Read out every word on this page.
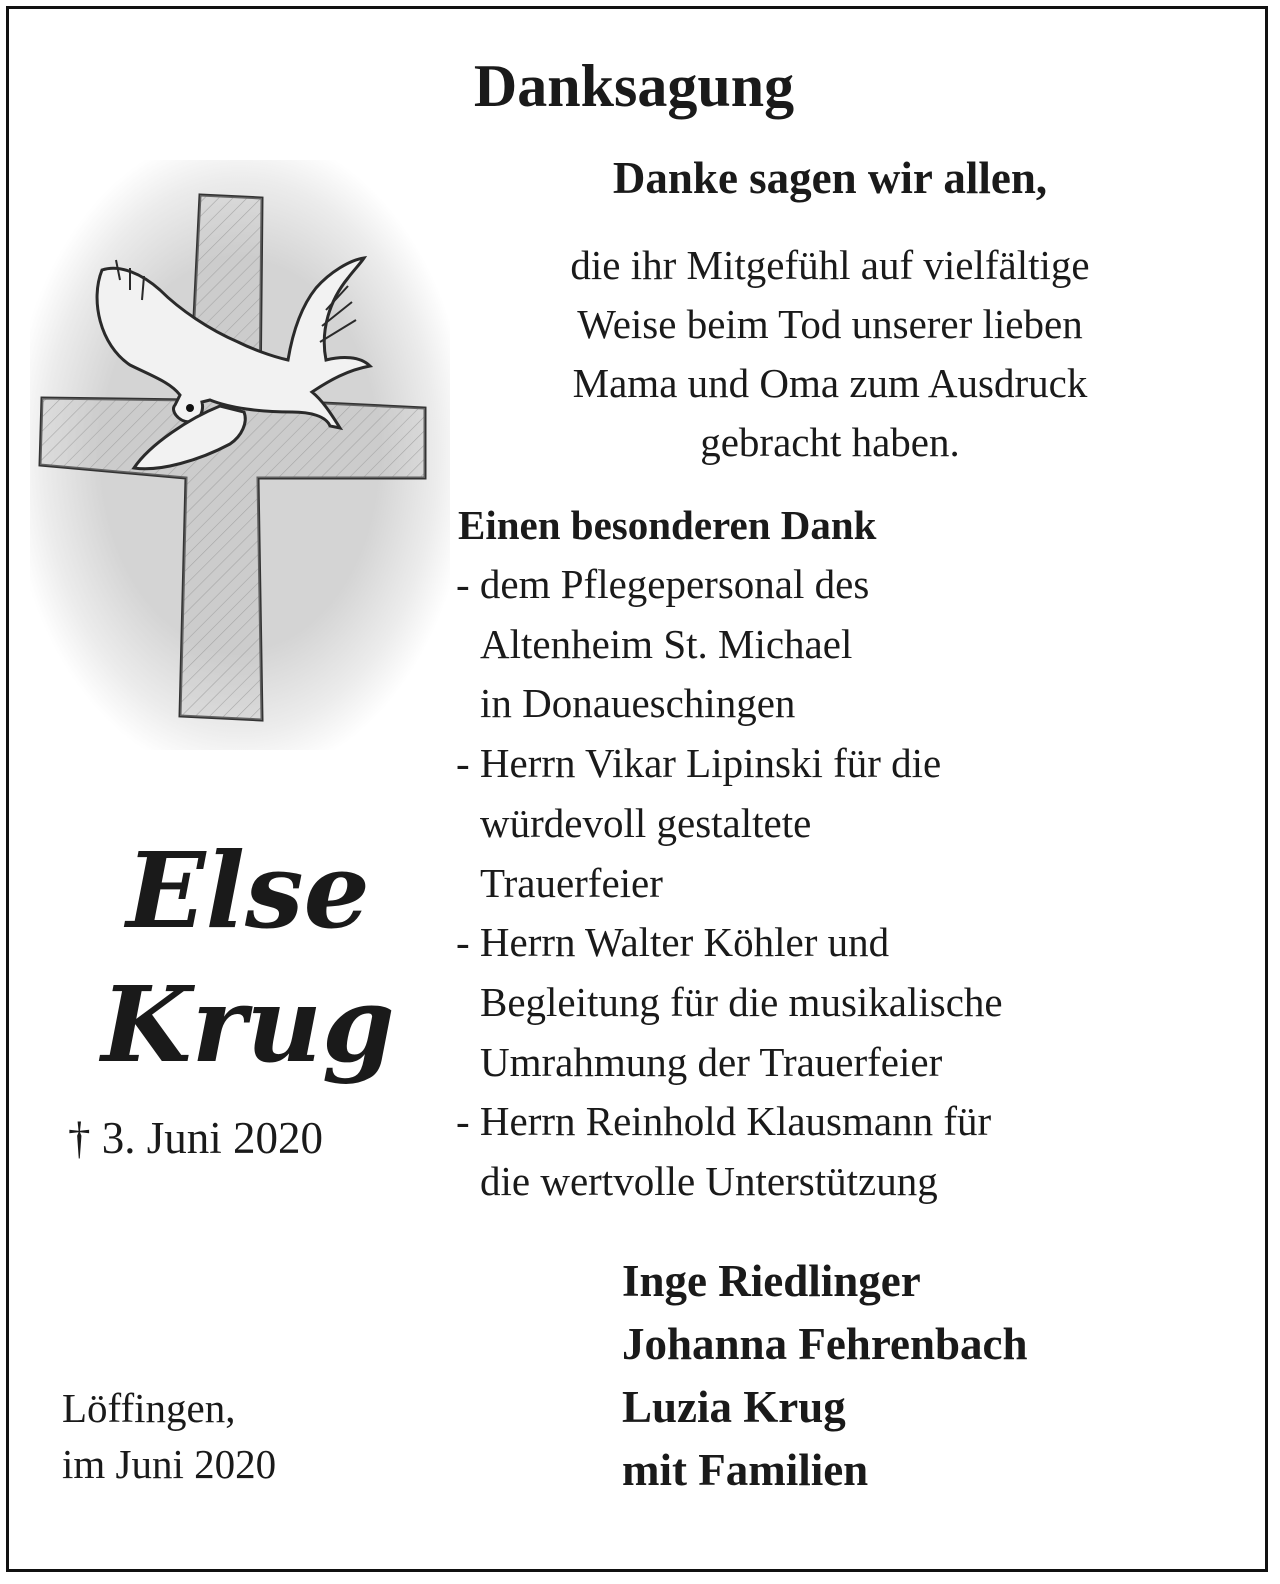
Danksagung
Danke sagen wir allen,
die ihr Mitgefühl auf vielfältige
Weise beim Tod unserer lieben
Mama und Oma zum Ausdruck
gebracht haben.
Einen besonderen Dank
- dem Pflegepersonal des
Altenheim St. Michael
in Donaueschingen
- Herrn Vikar Lipinski für die
würdevoll gestaltete
Trauerfeier
- Herrn Walter Köhler und
Begleitung für die musikalische
Umrahmung der Trauerfeier
- Herrn Reinhold Klausmann für
die wertvolle Unterstützung
Else
Krug
† 3. Juni 2020
Inge Riedlinger
Johanna Fehrenbach
Luzia Krug
mit Familien
Löffingen,
im Juni 2020
